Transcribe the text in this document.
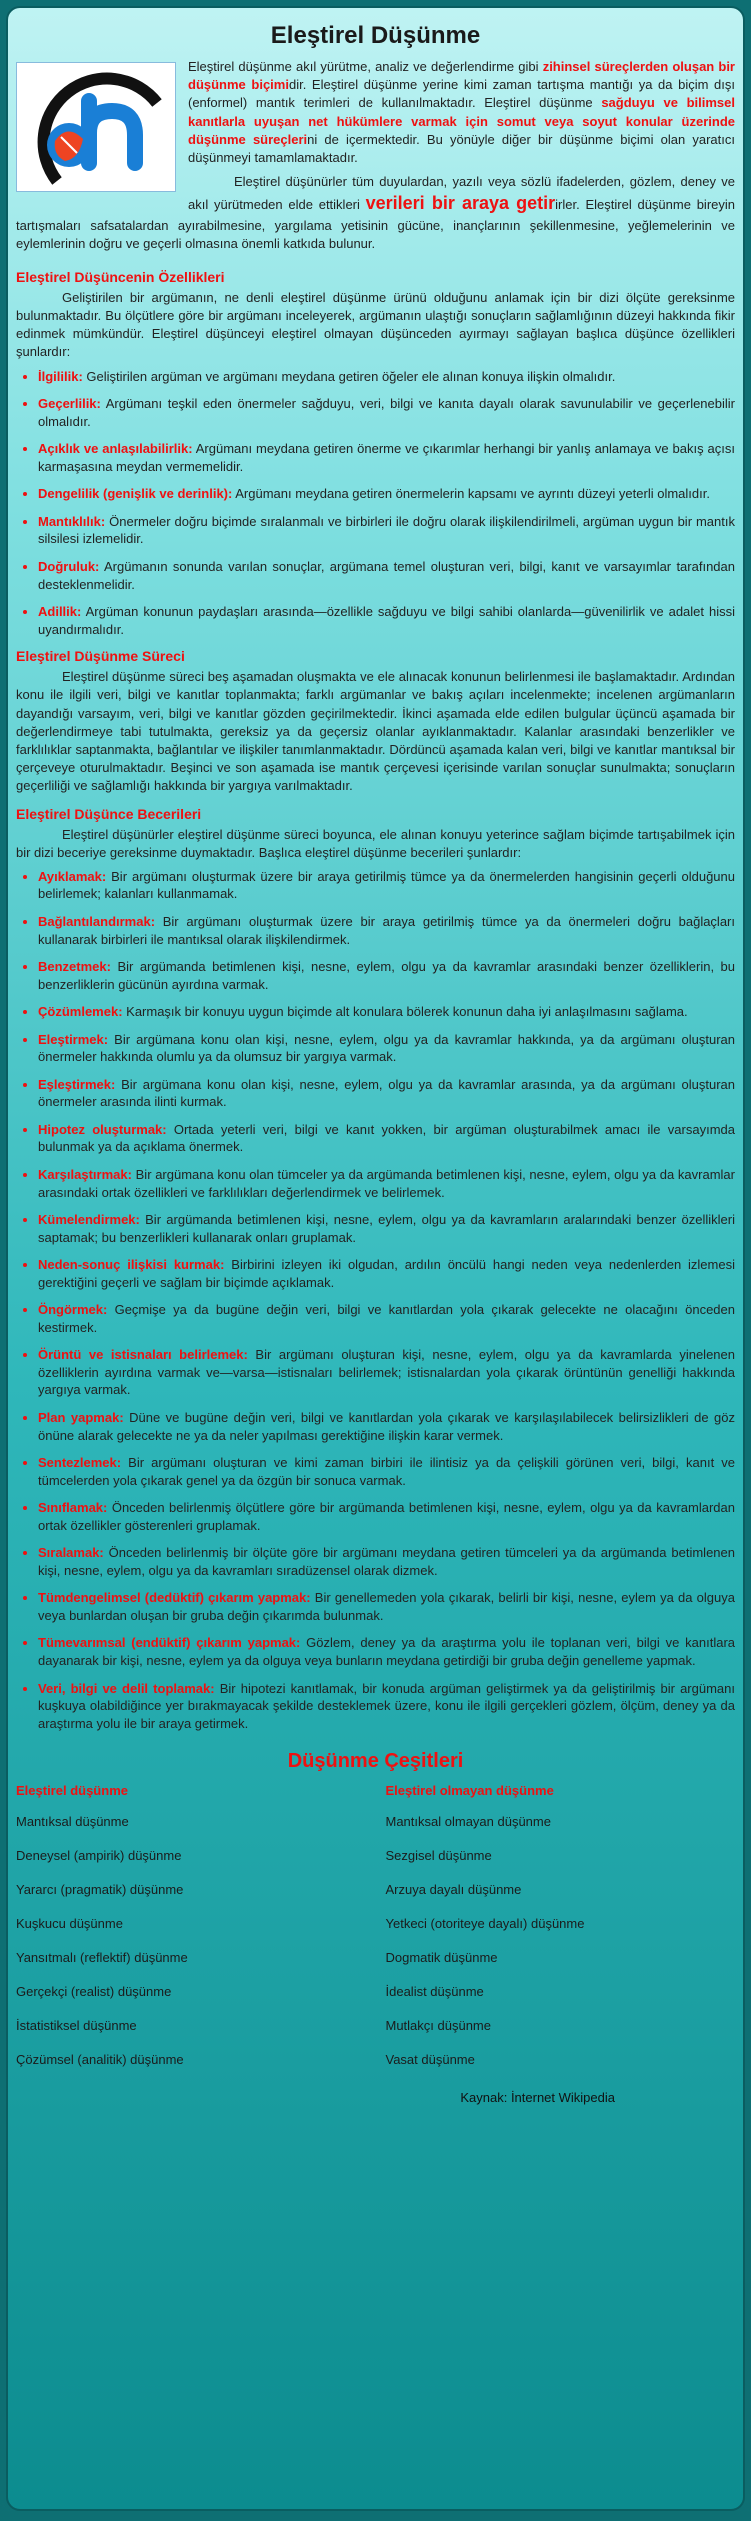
Eleştirel Düşünme

Eleştirel düşünme akıl yürütme, analiz ve değerlendirme gibi zihinsel süreçlerden oluşan bir düşünme biçimidir. Eleştirel düşünme yerine kimi zaman tartışma mantığı ya da biçim dışı (enformel) mantık terimleri de kullanılmaktadır. Eleştirel düşünme sağduyu ve bilimsel kanıtlarla uyuşan net hükümlere varmak için somut veya soyut konular üzerinde düşünme süreçlerini de içermektedir. Bu yönüyle diğer bir düşünme biçimi olan yaratıcı düşünmeyi tamamlamaktadır.

Eleştirel düşünürler tüm duyulardan, yazılı veya sözlü ifadelerden, gözlem, deney ve akıl yürütmeden elde ettikleri verileri bir araya getirirler. Eleştirel düşünme bireyin tartışmaları safsatalardan ayırabilmesine, yargılama yetisinin gücüne, inançlarının şekillenmesine, yeğlemelerinin ve eylemlerinin doğru ve geçerli olmasına önemli katkıda bulunur.

Eleştirel Düşüncenin Özellikleri

Geliştirilen bir argümanın, ne denli eleştirel düşünme ürünü olduğunu anlamak için bir dizi ölçüte gereksinme bulunmaktadır. Bu ölçütlere göre bir argümanı inceleyerek, argümanın ulaştığı sonuçların sağlamlığının düzeyi hakkında fikir edinmek mümkündür. Eleştirel düşünceyi eleştirel olmayan düşünceden ayırmayı sağlayan başlıca düşünce özellikleri şunlardır:

• İlgililik: Geliştirilen argüman ve argümanı meydana getiren öğeler ele alınan konuya ilişkin olmalıdır.
• Geçerlilik: Argümanı teşkil eden önermeler sağduyu, veri, bilgi ve kanıta dayalı olarak savunulabilir ve geçerlenebilir olmalıdır.
• Açıklık ve anlaşılabilirlik: Argümanı meydana getiren önerme ve çıkarımlar herhangi bir yanlış anlamaya ve bakış açısı karmaşasına meydan vermemelidir.
• Dengelilik (genişlik ve derinlik): Argümanı meydana getiren önermelerin kapsamı ve ayrıntı düzeyi yeterli olmalıdır.
• Mantıklılık: Önermeler doğru biçimde sıralanmalı ve birbirleri ile doğru olarak ilişkilendirilmeli, argüman uygun bir mantık silsilesi izlemelidir.
• Doğruluk: Argümanın sonunda varılan sonuçlar, argümana temel oluşturan veri, bilgi, kanıt ve varsayımlar tarafından desteklenmelidir.
• Adillik: Argüman konunun paydaşları arasında—özellikle sağduyu ve bilgi sahibi olanlarda—güvenilirlik ve adalet hissi uyandırmalıdır.
Eleştirel Düşünme Süreci

Eleştirel düşünme süreci beş aşamadan oluşmakta ve ele alınacak konunun belirlenmesi ile başlamaktadır. Ardından konu ile ilgili veri, bilgi ve kanıtlar toplanmakta; farklı argümanlar ve bakış açıları incelenmekte; incelenen argümanların dayandığı varsayım, veri, bilgi ve kanıtlar gözden geçirilmektedir. İkinci aşamada elde edilen bulgular üçüncü aşamada bir değerlendirmeye tabi tutulmakta, gereksiz ya da geçersiz olanlar ayıklanmaktadır. Kalanlar arasındaki benzerlikler ve farklılıklar saptanmakta, bağlantılar ve ilişkiler tanımlanmaktadır. Dördüncü aşamada kalan veri, bilgi ve kanıtlar mantıksal bir çerçeveye oturulmaktadır. Beşinci ve son aşamada ise mantık çerçevesi içerisinde varılan sonuçlar sunulmakta; sonuçların geçerliliği ve sağlamlığı hakkında bir yargıya varılmaktadır.

Eleştirel Düşünce Becerileri

Eleştirel düşünürler eleştirel düşünme süreci boyunca, ele alınan konuyu yeterince sağlam biçimde tartışabilmek için bir dizi beceriye gereksinme duymaktadır. Başlıca eleştirel düşünme becerileri şunlardır:

• Ayıklamak: Bir argümanı oluşturmak üzere bir araya getirilmiş tümce ya da önermelerden hangisinin geçerli olduğunu belirlemek; kalanları kullanmamak.
• Bağlantılandırmak: Bir argümanı oluşturmak üzere bir araya getirilmiş tümce ya da önermeleri doğru bağlaçları kullanarak birbirleri ile mantıksal olarak ilişkilendirmek.
• Benzetmek: Bir argümanda betimlenen kişi, nesne, eylem, olgu ya da kavramlar arasındaki benzer özelliklerin, bu benzerliklerin gücünün ayırdına varmak.
• Çözümlemek: Karmaşık bir konuyu uygun biçimde alt konulara bölerek konunun daha iyi anlaşılmasını sağlama.
• Eleştirmek: Bir argümana konu olan kişi, nesne, eylem, olgu ya da kavramlar hakkında, ya da argümanı oluşturan önermeler hakkında olumlu ya da olumsuz bir yargıya varmak.
• Eşleştirmek: Bir argümana konu olan kişi, nesne, eylem, olgu ya da kavramlar arasında, ya da argümanı oluşturan önermeler arasında ilinti kurmak.
• Hipotez oluşturmak: Ortada yeterli veri, bilgi ve kanıt yokken, bir argüman oluşturabilmek amacı ile varsayımda bulunmak ya da açıklama önermek.
• Karşılaştırmak: Bir argümana konu olan tümceler ya da argümanda betimlenen kişi, nesne, eylem, olgu ya da kavramlar arasındaki ortak özellikleri ve farklılıkları değerlendirmek ve belirlemek.
• Kümelendirmek: Bir argümanda betimlenen kişi, nesne, eylem, olgu ya da kavramların aralarındaki benzer özellikleri saptamak; bu benzerlikleri kullanarak onları gruplamak.
• Neden-sonuç ilişkisi kurmak: Birbirini izleyen iki olgudan, ardılın öncülü hangi neden veya nedenlerden izlemesi gerektiğini geçerli ve sağlam bir biçimde açıklamak.
• Öngörmek: Geçmişe ya da bugüne değin veri, bilgi ve kanıtlardan yola çıkarak gelecekte ne olacağını önceden kestirmek.
• Örüntü ve istisnaları belirlemek: Bir argümanı oluşturan kişi, nesne, eylem, olgu ya da kavramlarda yinelenen özelliklerin ayırdına varmak ve—varsa—istisnaları belirlemek; istisnalardan yola çıkarak örüntünün genelliği hakkında yargıya varmak.
• Plan yapmak: Düne ve bugüne değin veri, bilgi ve kanıtlardan yola çıkarak ve karşılaşılabilecek belirsizlikleri de göz önüne alarak gelecekte ne ya da neler yapılması gerektiğine ilişkin karar vermek.
• Sentezlemek: Bir argümanı oluşturan ve kimi zaman birbiri ile ilintisiz ya da çelişkili görünen veri, bilgi, kanıt ve tümcelerden yola çıkarak genel ya da özgün bir sonuca varmak.
• Sınıflamak: Önceden belirlenmiş ölçütlere göre bir argümanda betimlenen kişi, nesne, eylem, olgu ya da kavramlardan ortak özellikler gösterenleri gruplamak.
• Sıralamak: Önceden belirlenmiş bir ölçüte göre bir argümanı meydana getiren tümceleri ya da argümanda betimlenen kişi, nesne, eylem, olgu ya da kavramları sıradüzensel olarak dizmek.
• Tümdengelimsel (dedüktif) çıkarım yapmak: Bir genellemeden yola çıkarak, belirli bir kişi, nesne, eylem ya da olguya veya bunlardan oluşan bir gruba değin çıkarımda bulunmak.
• Tümevarımsal (endüktif) çıkarım yapmak: Gözlem, deney ya da araştırma yolu ile toplanan veri, bilgi ve kanıtlara dayanarak bir kişi, nesne, eylem ya da olguya veya bunların meydana getirdiği bir gruba değin genelleme yapmak.
• Veri, bilgi ve delil toplamak: Bir hipotezi kanıtlamak, bir konuda argüman geliştirmek ya da geliştirilmiş bir argümanı kuşkuya olabildiğince yer bırakmayacak şekilde desteklemek üzere, konu ile ilgili gerçekleri gözlem, ölçüm, deney ya da araştırma yolu ile bir araya getirmek.
Düşünme Çeşitleri
Eleştirel düşünme
Mantıksal düşünme
Deneysel (ampirik) düşünme
Yararcı (pragmatik) düşünme
Kuşkucu düşünme
Yansıtmalı (reflektif) düşünme
Gerçekçi (realist) düşünme
İstatistiksel düşünme
Çözümsel (analitik) düşünme
Eleştirel olmayan düşünme
Mantıksal olmayan düşünme
Sezgisel düşünme
Arzuya dayalı düşünme
Yetkeci (otoriteye dayalı) düşünme
Dogmatik düşünme
İdealist düşünme
Mutlakçı düşünme
Vasat düşünme
Kaynak: İnternet Wikipedia
